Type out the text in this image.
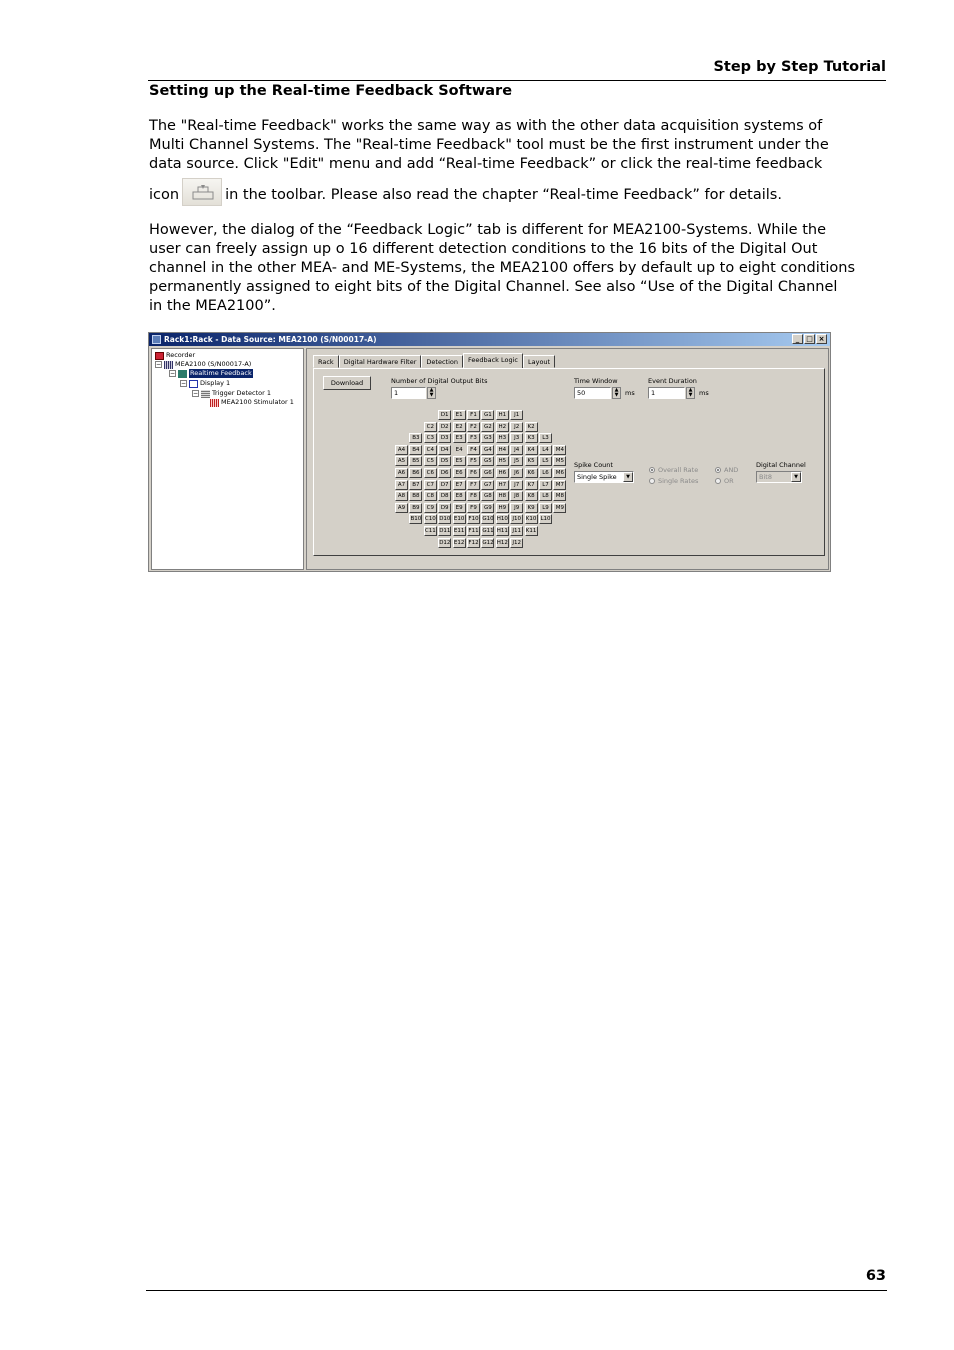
Step by Step Tutorial
Setting up the Real-time Feedback Software
The "Real-time Feedback" works the same way as with the other data acquisition systems of
Multi Channel Systems. The "Real-time Feedback" tool must be the first instrument under the
data source. Click "Edit" menu and add “Real-time Feedback” or click the real-time feedback
icon	in the toolbar. Please also read the chapter “Real-time Feedback” for details.
However, the dialog of the “Feedback Logic” tab is different for MEA2100-Systems. While the
user can freely assign up o 16 different detection conditions to the 16 bits of the Digital Out
channel in the other MEA- and ME-Systems, the MEA2100 offers by default up to eight conditions
permanently assigned to eight bits of the Digital Channel. See also “Use of the Digital Channel
in the MEA2100”.
Rack1:Rack - Data Source: MEA2100 (S/N00017-A)	_ □ ×
Recorder
− MEA2100 (S/N00017-A)
− Realtime Feedback
− Display 1
− Trigger Detector 1
MEA2100 Stimulator 1
Rack	Digital Hardware Filter	Detection	Feedback Logic	Layout
Download	Number of Digital Output Bits
1	▲
▼
Time Window
50	▲
▼	ms
Event Duration
1	▲
▼	ms
Spike Count
Single Spike	▼
Overall Rate
Single Rates
AND
OR
Digital Channel
Bit8	▼
D1	E1	F1	G1	H1	J1
C2	D2	E2	F2	G2	H2	J2	K2
B3	C3	D3	E3	F3	G3	H3	J3	K3	L3
A4	B4	C4	D4	E4	F4	G4	H4	J4	K4	L4	M4
A5	B5	C5	D5	E5	F5	G5	H5	J5	K5	L5	M5
A6	B6	C6	D6	E6	F6	G6	H6	J6	K6	L6	M6
A7	B7	C7	D7	E7	F7	G7	H7	J7	K7	L7	M7
A8	B8	C8	D8	E8	F8	G8	H8	J8	K8	L8	M8
A9	B9	C9	D9	E9	F9	G9	H9	J9	K9	L9	M9
B10 C10 D10 E10 F10 G10 H10 J10 K10 L10
C11 D11 E11 F11 G11 H11 J11 K11
D12 E12 F12 G12 H12 J12
63
